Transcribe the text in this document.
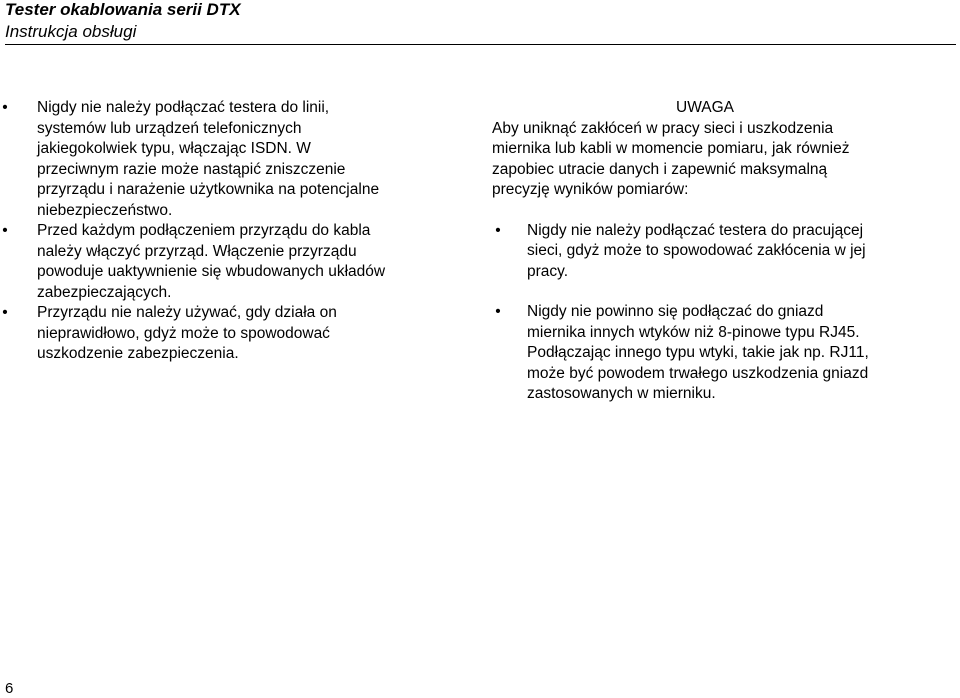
Tester okablowania serii DTX
Instrukcja obsługi
•	Nigdy nie należy podłączać testera do linii,
systemów lub urządzeń telefonicznych
jakiegokolwiek typu, włączając ISDN. W
przeciwnym razie może nastąpić zniszczenie
przyrządu i narażenie użytkownika na potencjalne
niebezpieczeństwo.
•	Przed każdym podłączeniem przyrządu do kabla
należy włączyć przyrząd. Włączenie przyrządu
powoduje uaktywnienie się wbudowanych układów
zabezpieczających.
•	Przyrządu nie należy używać, gdy działa on
nieprawidłowo, gdyż może to spowodować
uszkodzenie zabezpieczenia.
UWAGA
Aby uniknąć zakłóceń w pracy sieci i uszkodzenia
miernika lub kabli w momencie pomiaru, jak również
zapobiec utracie danych i zapewnić maksymalną
precyzję wyników pomiarów:
•	Nigdy nie należy podłączać testera do pracującej
sieci, gdyż może to spowodować zakłócenia w jej
pracy.
•	Nigdy nie powinno się podłączać do gniazd
miernika innych wtyków niż 8-pinowe typu RJ45.
Podłączając innego typu wtyki, takie jak np. RJ11,
może być powodem trwałego uszkodzenia gniazd
zastosowanych w mierniku.
6
